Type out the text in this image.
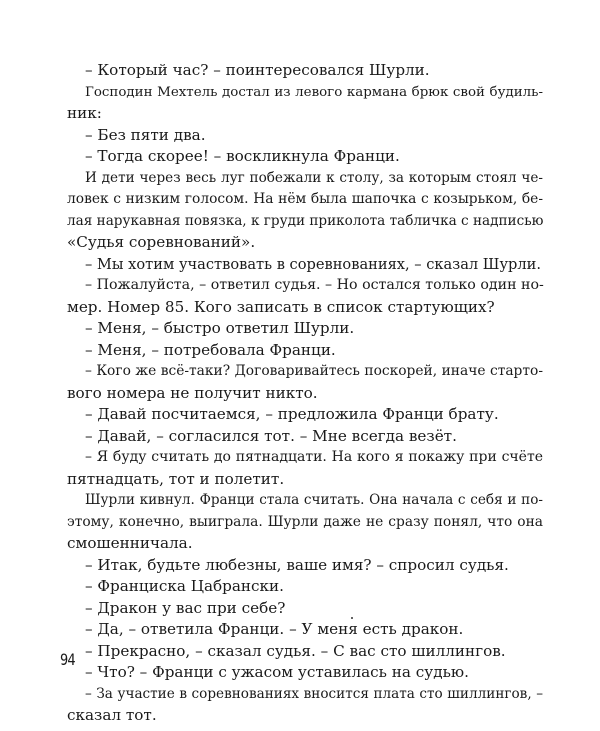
– Который час? – поинтересовался Шурли.
Господин Мехтель достал из левого кармана брюк свой будиль-
ник:
– Без пяти два.
– Тогда скорее! – воскликнула Франци.
И дети через весь луг побежали к столу, за которым стоял че-
ловек с низким голосом. На нём была шапочка с козырьком, бе-
лая нарукавная повязка, к груди приколота табличка с надписью
«Судья соревнований».
– Мы хотим участвовать в соревнованиях, – сказал Шурли.
– Пожалуйста, – ответил судья. – Но остался только один но-
мер. Номер 85. Кого записать в список стартующих?
– Меня, – быстро ответил Шурли.
– Меня, – потребовала Франци.
– Кого же всё-таки? Договаривайтесь поскорей, иначе старто-
вого номера не получит никто.
– Давай посчитаемся, – предложила Франци брату.
– Давай, – согласился тот. – Мне всегда везёт.
– Я буду считать до пятнадцати. На кого я покажу при счёте
пятнадцать, тот и полетит.
Шурли кивнул. Франци стала считать. Она начала с себя и по-
этому, конечно, выиграла. Шурли даже не сразу понял, что она
смошенничала.
– Итак, будьте любезны, ваше имя? – спросил судья.
– Франциска Цабрански.
– Дракон у вас при себе?
– Да, – ответила Франци. – У меня есть дракон.
– Прекрасно, – сказал судья. – С вас сто шиллингов.
– Что? – Франци с ужасом уставилась на судью.
– За участие в соревнованиях вносится плата сто шиллингов, –
сказал тот.
94
